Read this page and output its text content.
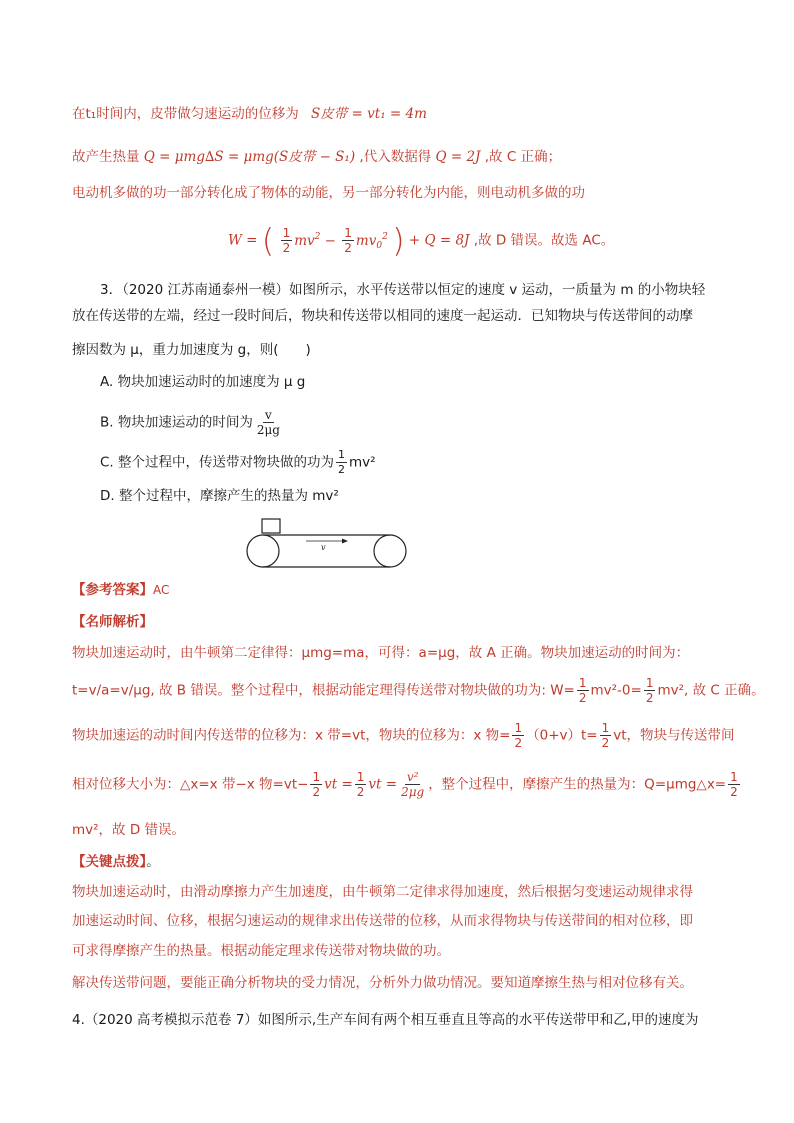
在t₁时间内，皮带做匀速运动的位移为 S皮带 = vt₁ = 4m
故产生热量 Q = μmg∆S = μmg(S皮带 − S₁) ,代入数据得 Q = 2J ,故 C 正确；
电动机多做的功一部分转化成了物体的动能，另一部分转化为内能，则电动机多做的功
W = ( $\frac{1}{2} mv^2 - \frac{1}{2} mv_0^2$ ) + Q = 8J ,故 D 错误。故选 AC。
3．（2020 江苏南通泰州一模）如图所示，水平传送带以恒定的速度 v 运动，一质量为 m 的小物块轻
放在传送带的左端，经过一段时间后，物块和传送带以相同的速度一起运动．已知物块与传送带间的动摩
擦因数为 μ，重力加速度为 g，则(　　)
A. 物块加速运动时的加速度为 μ g
B. 物块加速运动的时间为 $\frac{v}{2\mu g}$
C. 整个过程中，传送带对物块做的功为 $\frac{1}{2} mv^2$
D. 整个过程中，摩擦产生的热量为 mv²
v
【参考答案】AC
【名师解析】
物块加速运动时，由牛顿第二定律得：μmg=ma，可得：a=μg，故 A 正确。物块加速运动的时间为：
t=v/a=v/μg, 故 B 错误。整个过程中，根据动能定理得传送带对物块做的功为: $W= \frac{1}{2} mv^2-0= \frac{1}{2} mv^2$, 故 C 正确。
物块加速运的动时间内传送带的位移为：x 带=vt，物块的位移为：x 物= $\frac{1}{2} (0+v)t= \frac{1}{2}$ vt，物块与传送带间
相对位移大小为：△x=x 带−x 物$=vt- \frac{1}{2}$ vt = $\frac{1}{2}$ vt = $\frac{\text{v²}}{2\mu g}$ ，整个过程中，摩擦产生的热量为：Q=μmg△x= $\frac{1}{2}$
mv²，故 D 错误。
【关键点拨】。
物块加速运动时，由滑动摩擦力产生加速度，由牛顿第二定律求得加速度，然后根据匀变速运动规律求得
加速运动时间、位移，根据匀速运动的规律求出传送带的位移，从而求得物块与传送带间的相对位移，即
可求得摩擦产生的热量。根据动能定理求传送带对物块做的功。
解决传送带问题，要能正确分析物块的受力情况，分析外力做功情况。要知道摩擦生热与相对位移有关。
4.（2020 高考模拟示范卷 7）如图所示,生产车间有两个相互垂直且等高的水平传送带甲和乙,甲的速度为
